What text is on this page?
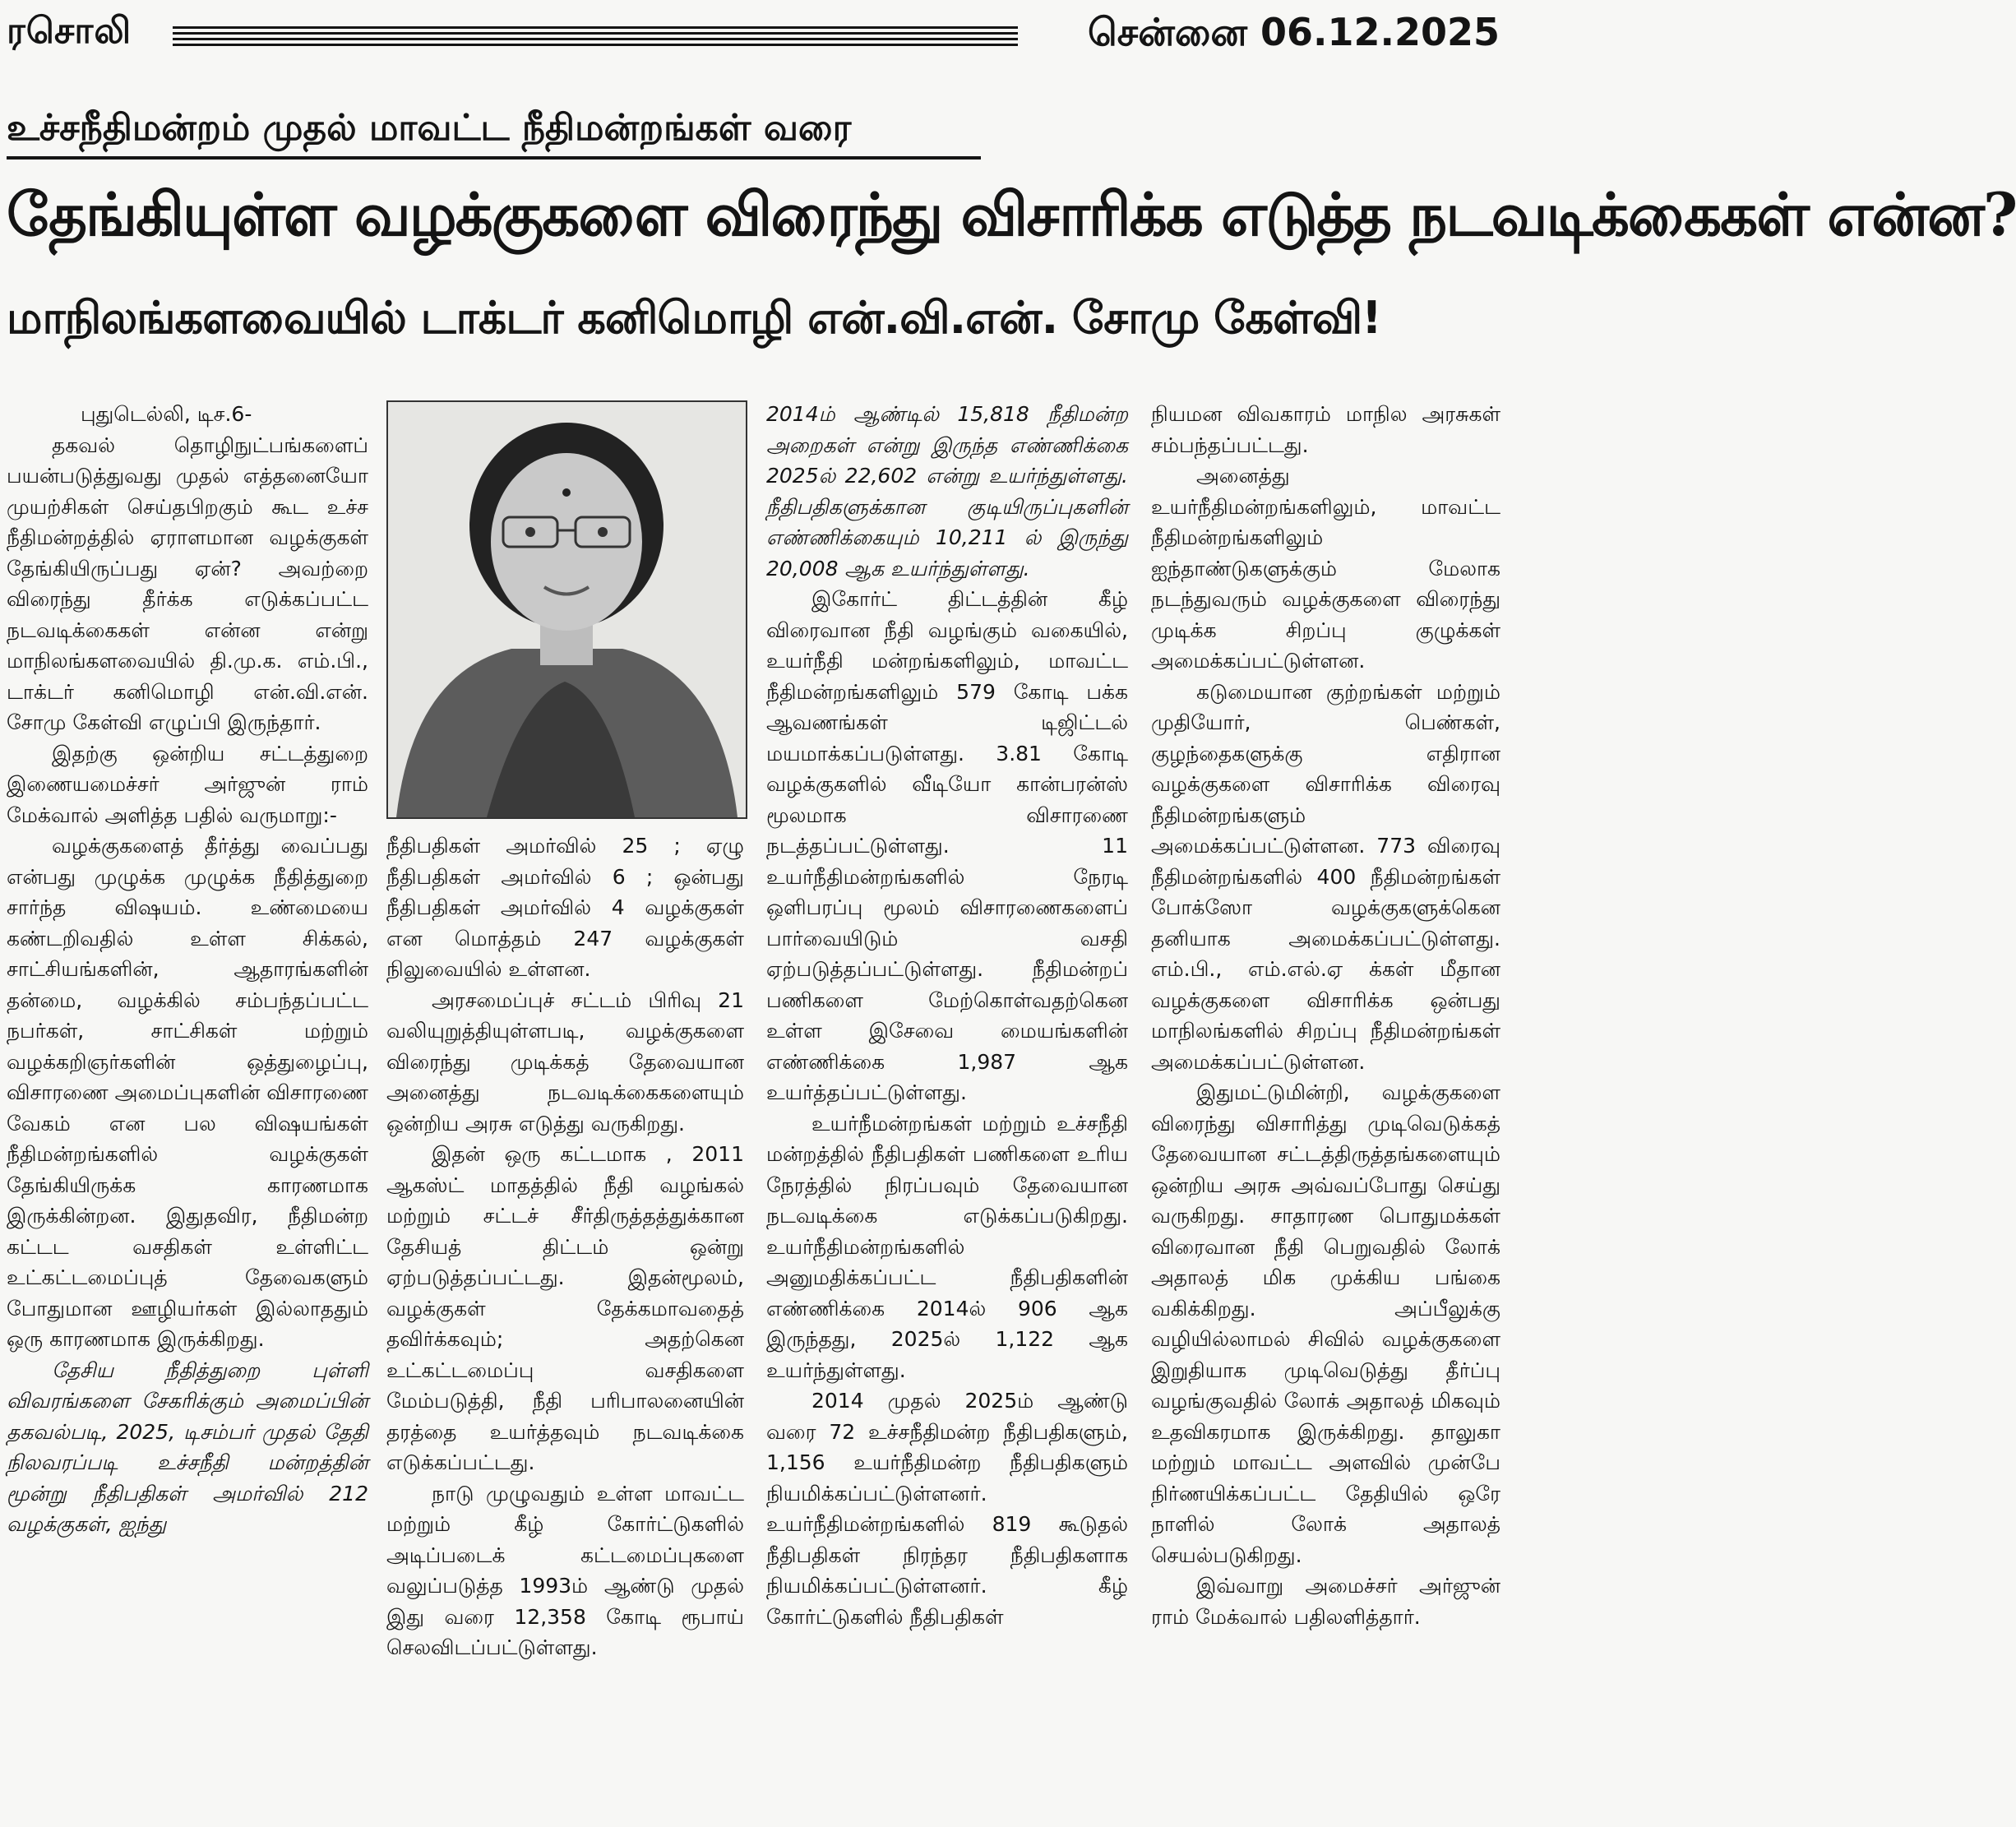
ரசொலி	சென்னை 06.12.2025
உச்சநீதிமன்றம் முதல் மாவட்ட நீதிமன்றங்கள் வரை
தேங்கியுள்ள வழக்குகளை விரைந்து விசாரிக்க எடுத்த நடவடிக்கைகள் என்ன?
மாநிலங்களவையில் டாக்டர் கனிமொழி என்.வி.என். சோமு கேள்வி!

புதுடெல்லி, டிச.6-

தகவல் தொழிநுட்பங்களைப் பயன்படுத்துவது முதல் எத்தனையோ முயற்சிகள் செய்தபிறகும் கூட உச்ச நீதிமன்றத்தில் ஏராளமான வழக்குகள் தேங்கியிருப்பது ஏன்? அவற்றை விரைந்து தீர்க்க எடுக்கப்பட்ட நடவடிக்கைகள் என்ன என்று மாநிலங்களவையில் தி.மு.க. எம்.பி., டாக்டர் கனிமொழி என்.வி.என். சோமு கேள்வி எழுப்பி இருந்தார்.

இதற்கு ஒன்றிய சட்டத்துறை இணையமைச்சர் அர்ஜுன் ராம் மேக்வால் அளித்த பதில் வருமாறு:-

வழக்குகளைத் தீர்த்து வைப்பது என்பது முழுக்க முழுக்க நீதித்துறை சார்ந்த விஷயம். உண்மையை கண்டறிவதில் உள்ள சிக்கல், சாட்சியங்களின், ஆதாரங்களின் தன்மை, வழக்கில் சம்பந்தப்பட்ட நபர்கள், சாட்சிகள் மற்றும் வழக்கறிஞர்களின் ஒத்துழைப்பு, விசாரணை அமைப்புகளின் விசாரணை வேகம் என பல விஷயங்கள் நீதிமன்றங்களில் வழக்குகள் தேங்கியிருக்க காரணமாக இருக்கின்றன. இதுதவிர, நீதிமன்ற கட்டட வசதிகள் உள்ளிட்ட உட்கட்டமைப்புத் தேவைகளும் போதுமான ஊழியர்கள் இல்லாததும் ஒரு காரணமாக இருக்கிறது.

தேசிய நீதித்துறை புள்ளி விவரங்களை சேகரிக்கும் அமைப்பின் தகவல்படி, 2025, டிசம்பர் முதல் தேதி நிலவரப்படி உச்சநீதி மன்றத்தின் மூன்று நீதிபதிகள் அமர்வில் 212 வழக்குகள், ஐந்து

நீதிபதிகள் அமர்வில் 25 ; ஏழு நீதிபதிகள் அமர்வில் 6 ; ஒன்பது நீதிபதிகள் அமர்வில் 4 வழக்குகள் என மொத்தம் 247 வழக்குகள் நிலுவையில் உள்ளன.

அரசமைப்புச் சட்டம் பிரிவு 21 வலியுறுத்தியுள்ளபடி, வழக்குகளை விரைந்து முடிக்கத் தேவையான அனைத்து நடவடிக்கைகளையும் ஒன்றிய அரசு எடுத்து வருகிறது.

இதன் ஒரு கட்டமாக , 2011 ஆகஸ்ட் மாதத்தில் நீதி வழங்கல் மற்றும் சட்டச் சீர்திருத்தத்துக்கான தேசியத் திட்டம் ஒன்று ஏற்படுத்தப்பட்டது. இதன்மூலம், வழக்குகள் தேக்கமாவதைத் தவிர்க்கவும்; அதற்கென உட்கட்டமைப்பு வசதிகளை மேம்படுத்தி, நீதி பரிபாலனையின் தரத்தை உயர்த்தவும் நடவடிக்கை எடுக்கப்பட்டது.

நாடு முழுவதும் உள்ள மாவட்ட மற்றும் கீழ் கோர்ட்டுகளில் அடிப்படைக் கட்டமைப்புகளை வலுப்படுத்த 1993ம் ஆண்டு முதல் இது வரை 12,358 கோடி ரூபாய் செலவிடப்பட்டுள்ளது.

2014ம் ஆண்டில் 15,818 நீதிமன்ற அறைகள் என்று இருந்த எண்ணிக்கை 2025ல் 22,602 என்று உயர்ந்துள்ளது. நீதிபதிகளுக்கான குடியிருப்புகளின் எண்ணிக்கையும் 10,211 ல் இருந்து 20,008 ஆக உயர்ந்துள்ளது.

இகோர்ட் திட்டத்தின் கீழ் விரைவான நீதி வழங்கும் வகையில், உயர்நீதி மன்றங்களிலும், மாவட்ட நீதிமன்றங்களிலும் 579 கோடி பக்க ஆவணங்கள் டிஜிட்டல் மயமாக்கப்படுள்ளது. 3.81 கோடி வழக்குகளில் வீடியோ கான்பரன்ஸ் மூலமாக விசாரணை நடத்தப்பட்டுள்ளது. 11 உயர்நீதிமன்றங்களில் நேரடி ஒளிபரப்பு மூலம் விசாரணைகளைப் பார்வையிடும் வசதி ஏற்படுத்தப்பட்டுள்ளது. நீதிமன்றப் பணிகளை மேற்கொள்வதற்கென உள்ள இசேவை மையங்களின் எண்ணிக்கை 1,987 ஆக உயர்த்தப்பட்டுள்ளது.

உயர்நீமன்றங்கள் மற்றும் உச்சநீதி மன்றத்தில் நீதிபதிகள் பணிகளை உரிய நேரத்தில் நிரப்பவும் தேவையான நடவடிக்கை எடுக்கப்படுகிறது. உயர்நீதிமன்றங்களில் அனுமதிக்கப்பட்ட நீதிபதிகளின் எண்ணிக்கை 2014ல் 906 ஆக இருந்தது, 2025ல் 1,122 ஆக உயர்ந்துள்ளது.

2014 முதல் 2025ம் ஆண்டு வரை 72 உச்சநீதிமன்ற நீதிபதிகளும், 1,156 உயர்நீதிமன்ற நீதிபதிகளும் நியமிக்கப்பட்டுள்ளனர். உயர்நீதிமன்றங்களில் 819 கூடுதல் நீதிபதிகள் நிரந்தர நீதிபதிகளாக நியமிக்கப்பட்டுள்ளனர். கீழ் கோர்ட்டுகளில் நீதிபதிகள்

நியமன விவகாரம் மாநில அரசுகள் சம்பந்தப்பட்டது.

அனைத்து உயர்நீதிமன்றங்களிலும், மாவட்ட நீதிமன்றங்களிலும் ஐந்தாண்டுகளுக்கும் மேலாக நடந்துவரும் வழக்குகளை விரைந்து முடிக்க சிறப்பு குழுக்கள் அமைக்கப்பட்டுள்ளன.

கடுமையான குற்றங்கள் மற்றும் முதியோர், பெண்கள், குழந்தைகளுக்கு எதிரான வழக்குகளை விசாரிக்க விரைவு நீதிமன்றங்களும் அமைக்கப்பட்டுள்ளன. 773 விரைவு நீதிமன்றங்களில் 400 நீதிமன்றங்கள் போக்ஸோ வழக்குகளுக்கென தனியாக அமைக்கப்பட்டுள்ளது. எம்.பி., எம்.எல்.ஏ க்கள் மீதான வழக்குகளை விசாரிக்க ஒன்பது மாநிலங்களில் சிறப்பு நீதிமன்றங்கள் அமைக்கப்பட்டுள்ளன.

இதுமட்டுமின்றி, வழக்குகளை விரைந்து விசாரித்து முடிவெடுக்கத் தேவையான சட்டத்திருத்தங்களையும் ஒன்றிய அரசு அவ்வப்போது செய்து வருகிறது. சாதாரண பொதுமக்கள் விரைவான நீதி பெறுவதில் லோக் அதாலத் மிக முக்கிய பங்கை வகிக்கிறது. அப்பீலுக்கு வழியில்லாமல் சிவில் வழக்குகளை இறுதியாக முடிவெடுத்து தீர்ப்பு வழங்குவதில் லோக் அதாலத் மிகவும் உதவிகரமாக இருக்கிறது. தாலுகா மற்றும் மாவட்ட அளவில் முன்பே நிர்ணயிக்கப்பட்ட தேதியில் ஒரே நாளில் லோக் அதாலத் செயல்படுகிறது.

இவ்வாறு அமைச்சர் அர்ஜுன் ராம் மேக்வால் பதிலளித்தார்.
